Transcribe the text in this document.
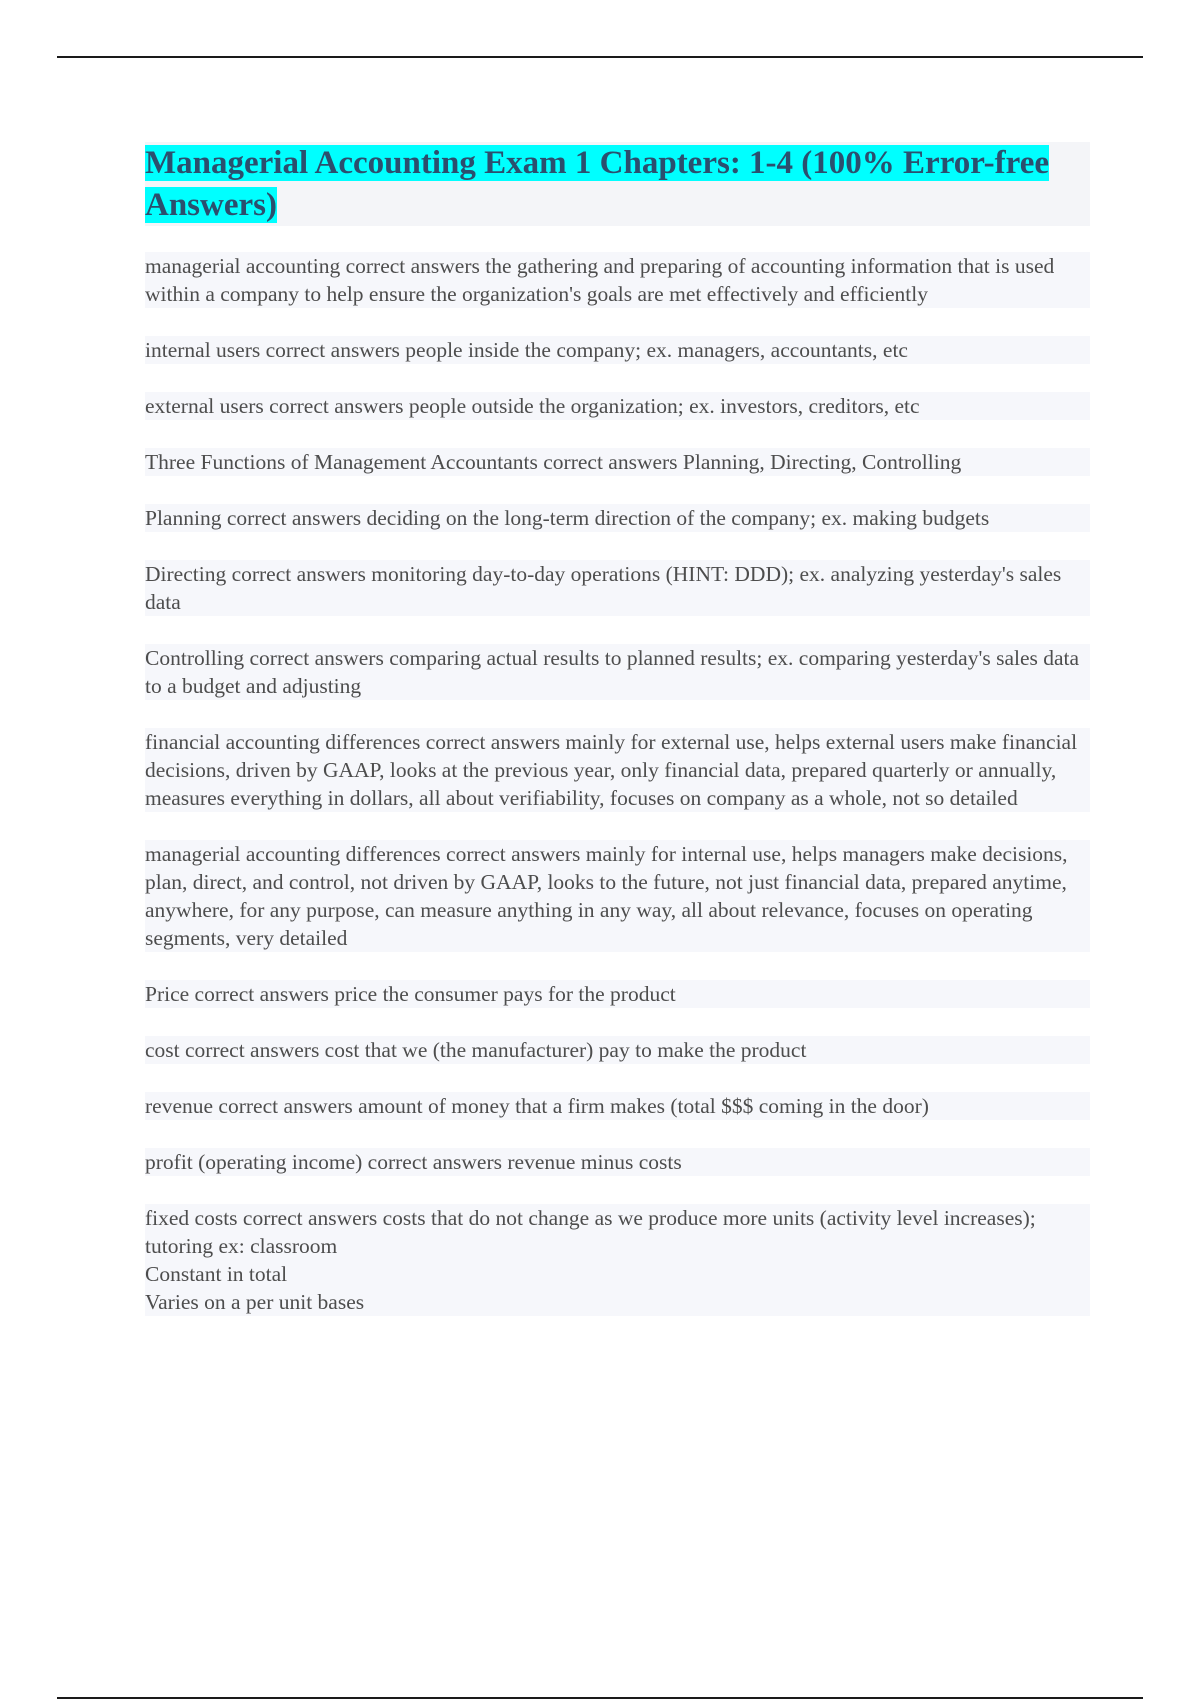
Managerial Accounting Exam 1 Chapters: 1-4 (100% Error-free Answers)

managerial accounting correct answers the gathering and preparing of accounting information that is used within a company to help ensure the organization's goals are met effectively and efficiently

internal users correct answers people inside the company; ex. managers, accountants, etc

external users correct answers people outside the organization; ex. investors, creditors, etc

Three Functions of Management Accountants correct answers Planning, Directing, Controlling

Planning correct answers deciding on the long-term direction of the company; ex. making budgets

Directing correct answers monitoring day-to-day operations (HINT: DDD); ex. analyzing yesterday's sales data

Controlling correct answers comparing actual results to planned results; ex. comparing yesterday's sales data to a budget and adjusting

financial accounting differences correct answers mainly for external use, helps external users make financial decisions, driven by GAAP, looks at the previous year, only financial data, prepared quarterly or annually, measures everything in dollars, all about verifiability, focuses on company as a whole, not so detailed

managerial accounting differences correct answers mainly for internal use, helps managers make decisions, plan, direct, and control, not driven by GAAP, looks to the future, not just financial data, prepared anytime, anywhere, for any purpose, can measure anything in any way, all about relevance, focuses on operating segments, very detailed

Price correct answers price the consumer pays for the product

cost correct answers cost that we (the manufacturer) pay to make the product

revenue correct answers amount of money that a firm makes (total $$$ coming in the door)

profit (operating income) correct answers revenue minus costs

fixed costs correct answers costs that do not change as we produce more units (activity level increases); tutoring ex: classroom
Constant in total
Varies on a per unit bases
